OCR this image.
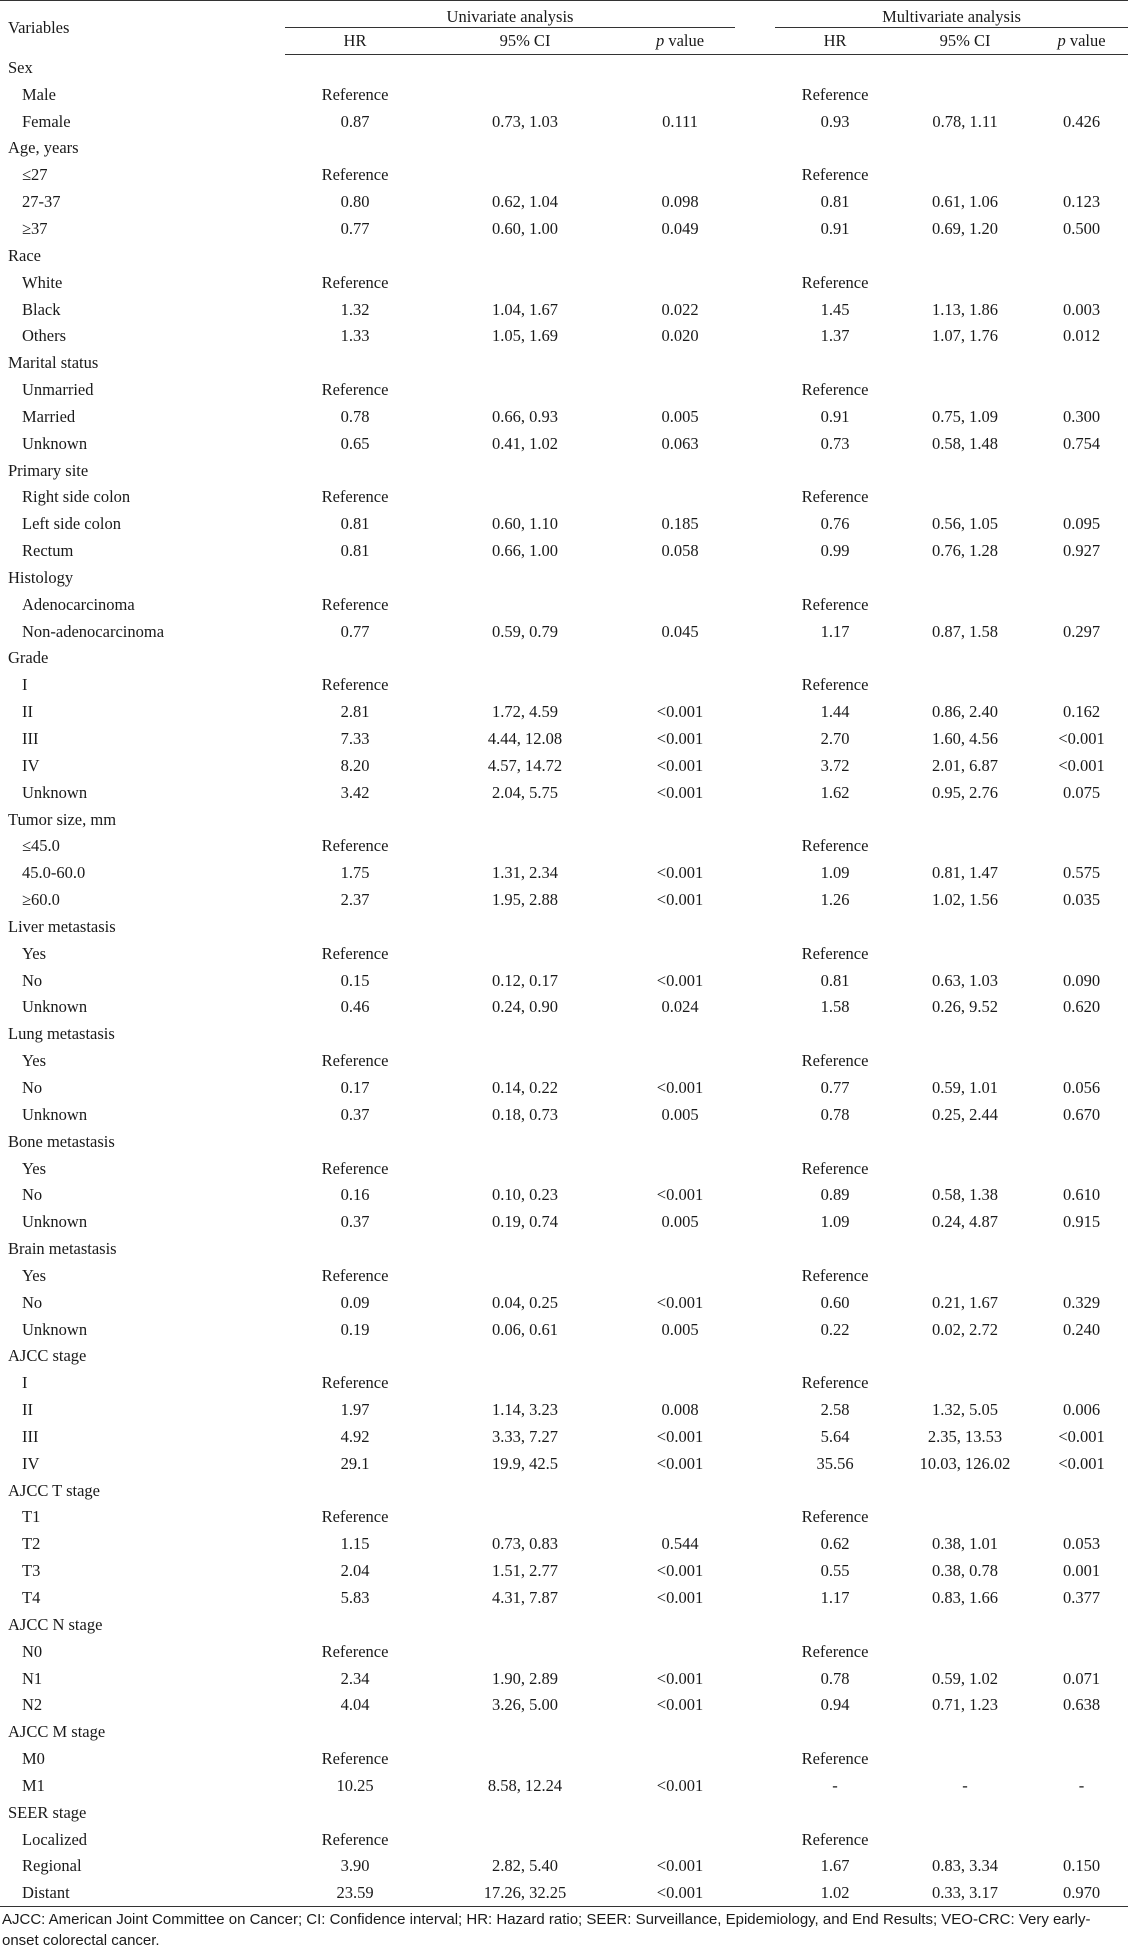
Variables	Univariate analysis				Multivariate analysis		
	HR	95% CI	p value		HR	95% CI	p value
Sex							
Male	Reference				Reference		
Female	0.87	0.73, 1.03	0.111		0.93	0.78, 1.11	0.426
Age, years							
≤27	Reference				Reference		
27-37	0.80	0.62, 1.04	0.098		0.81	0.61, 1.06	0.123
≥37	0.77	0.60, 1.00	0.049		0.91	0.69, 1.20	0.500
Race							
White	Reference				Reference		
Black	1.32	1.04, 1.67	0.022		1.45	1.13, 1.86	0.003
Others	1.33	1.05, 1.69	0.020		1.37	1.07, 1.76	0.012
Marital status							
Unmarried	Reference				Reference		
Married	0.78	0.66, 0.93	0.005		0.91	0.75, 1.09	0.300
Unknown	0.65	0.41, 1.02	0.063		0.73	0.58, 1.48	0.754
Primary site							
Right side colon	Reference				Reference		
Left side colon	0.81	0.60, 1.10	0.185		0.76	0.56, 1.05	0.095
Rectum	0.81	0.66, 1.00	0.058		0.99	0.76, 1.28	0.927
Histology							
Adenocarcinoma	Reference				Reference		
Non-adenocarcinoma	0.77	0.59, 0.79	0.045		1.17	0.87, 1.58	0.297
Grade							
I	Reference				Reference		
II	2.81	1.72, 4.59	<0.001		1.44	0.86, 2.40	0.162
III	7.33	4.44, 12.08	<0.001		2.70	1.60, 4.56	<0.001
IV	8.20	4.57, 14.72	<0.001		3.72	2.01, 6.87	<0.001
Unknown	3.42	2.04, 5.75	<0.001		1.62	0.95, 2.76	0.075
Tumor size, mm							
≤45.0	Reference				Reference		
45.0-60.0	1.75	1.31, 2.34	<0.001		1.09	0.81, 1.47	0.575
≥60.0	2.37	1.95, 2.88	<0.001		1.26	1.02, 1.56	0.035
Liver metastasis							
Yes	Reference				Reference		
No	0.15	0.12, 0.17	<0.001		0.81	0.63, 1.03	0.090
Unknown	0.46	0.24, 0.90	0.024		1.58	0.26, 9.52	0.620
Lung metastasis							
Yes	Reference				Reference		
No	0.17	0.14, 0.22	<0.001		0.77	0.59, 1.01	0.056
Unknown	0.37	0.18, 0.73	0.005		0.78	0.25, 2.44	0.670
Bone metastasis							
Yes	Reference				Reference		
No	0.16	0.10, 0.23	<0.001		0.89	0.58, 1.38	0.610
Unknown	0.37	0.19, 0.74	0.005		1.09	0.24, 4.87	0.915
Brain metastasis							
Yes	Reference				Reference		
No	0.09	0.04, 0.25	<0.001		0.60	0.21, 1.67	0.329
Unknown	0.19	0.06, 0.61	0.005		0.22	0.02, 2.72	0.240
AJCC stage							
I	Reference				Reference		
II	1.97	1.14, 3.23	0.008		2.58	1.32, 5.05	0.006
III	4.92	3.33, 7.27	<0.001		5.64	2.35, 13.53	<0.001
IV	29.1	19.9, 42.5	<0.001		35.56	10.03, 126.02	<0.001
AJCC T stage							
T1	Reference				Reference		
T2	1.15	0.73, 0.83	0.544		0.62	0.38, 1.01	0.053
T3	2.04	1.51, 2.77	<0.001		0.55	0.38, 0.78	0.001
T4	5.83	4.31, 7.87	<0.001		1.17	0.83, 1.66	0.377
AJCC N stage							
N0	Reference				Reference		
N1	2.34	1.90, 2.89	<0.001		0.78	0.59, 1.02	0.071
N2	4.04	3.26, 5.00	<0.001		0.94	0.71, 1.23	0.638
AJCC M stage							
M0	Reference				Reference		
M1	10.25	8.58, 12.24	<0.001		-	-	-
SEER stage							
Localized	Reference				Reference		
Regional	3.90	2.82, 5.40	<0.001		1.67	0.83, 3.34	0.150
Distant	23.59	17.26, 32.25	<0.001		1.02	0.33, 3.17	0.970
AJCC: American Joint Committee on Cancer; CI: Confidence interval; HR: Hazard ratio; SEER: Surveillance, Epidemiology, and End Results; VEO-CRC: Very early-onset colorectal cancer.
